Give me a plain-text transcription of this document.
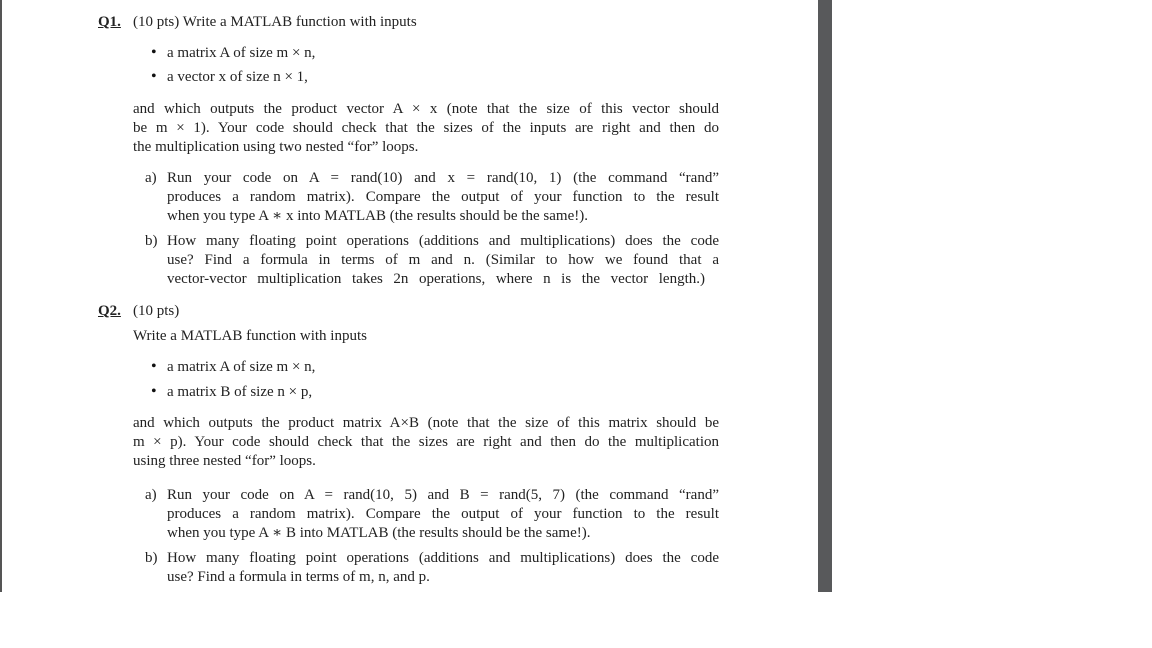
Q1. (10 pts) Write a MATLAB function with inputs
• a matrix A of size m × n,
• a vector x of size n × 1,
and which outputs the product vector A × x (note that the size of this vector should
be m × 1). Your code should check that the sizes of the inputs are right and then do
the multiplication using two nested “for” loops.
a) Run your code on A = rand(10) and x = rand(10, 1) (the command “rand”
produces a random matrix). Compare the output of your function to the result
when you type A ∗ x into MATLAB (the results should be the same!).
b) How many floating point operations (additions and multiplications) does the code
use? Find a formula in terms of m and n. (Similar to how we found that a
vector-vector multiplication takes 2n operations, where n is the vector length.)
Q2. (10 pts)
Write a MATLAB function with inputs
• a matrix A of size m × n,
• a matrix B of size n × p,
and which outputs the product matrix A×B (note that the size of this matrix should be
m × p). Your code should check that the sizes are right and then do the multiplication
using three nested “for” loops.
a) Run your code on A = rand(10, 5) and B = rand(5, 7) (the command “rand”
produces a random matrix). Compare the output of your function to the result
when you type A ∗ B into MATLAB (the results should be the same!).
b) How many floating point operations (additions and multiplications) does the code
use? Find a formula in terms of m, n, and p.
